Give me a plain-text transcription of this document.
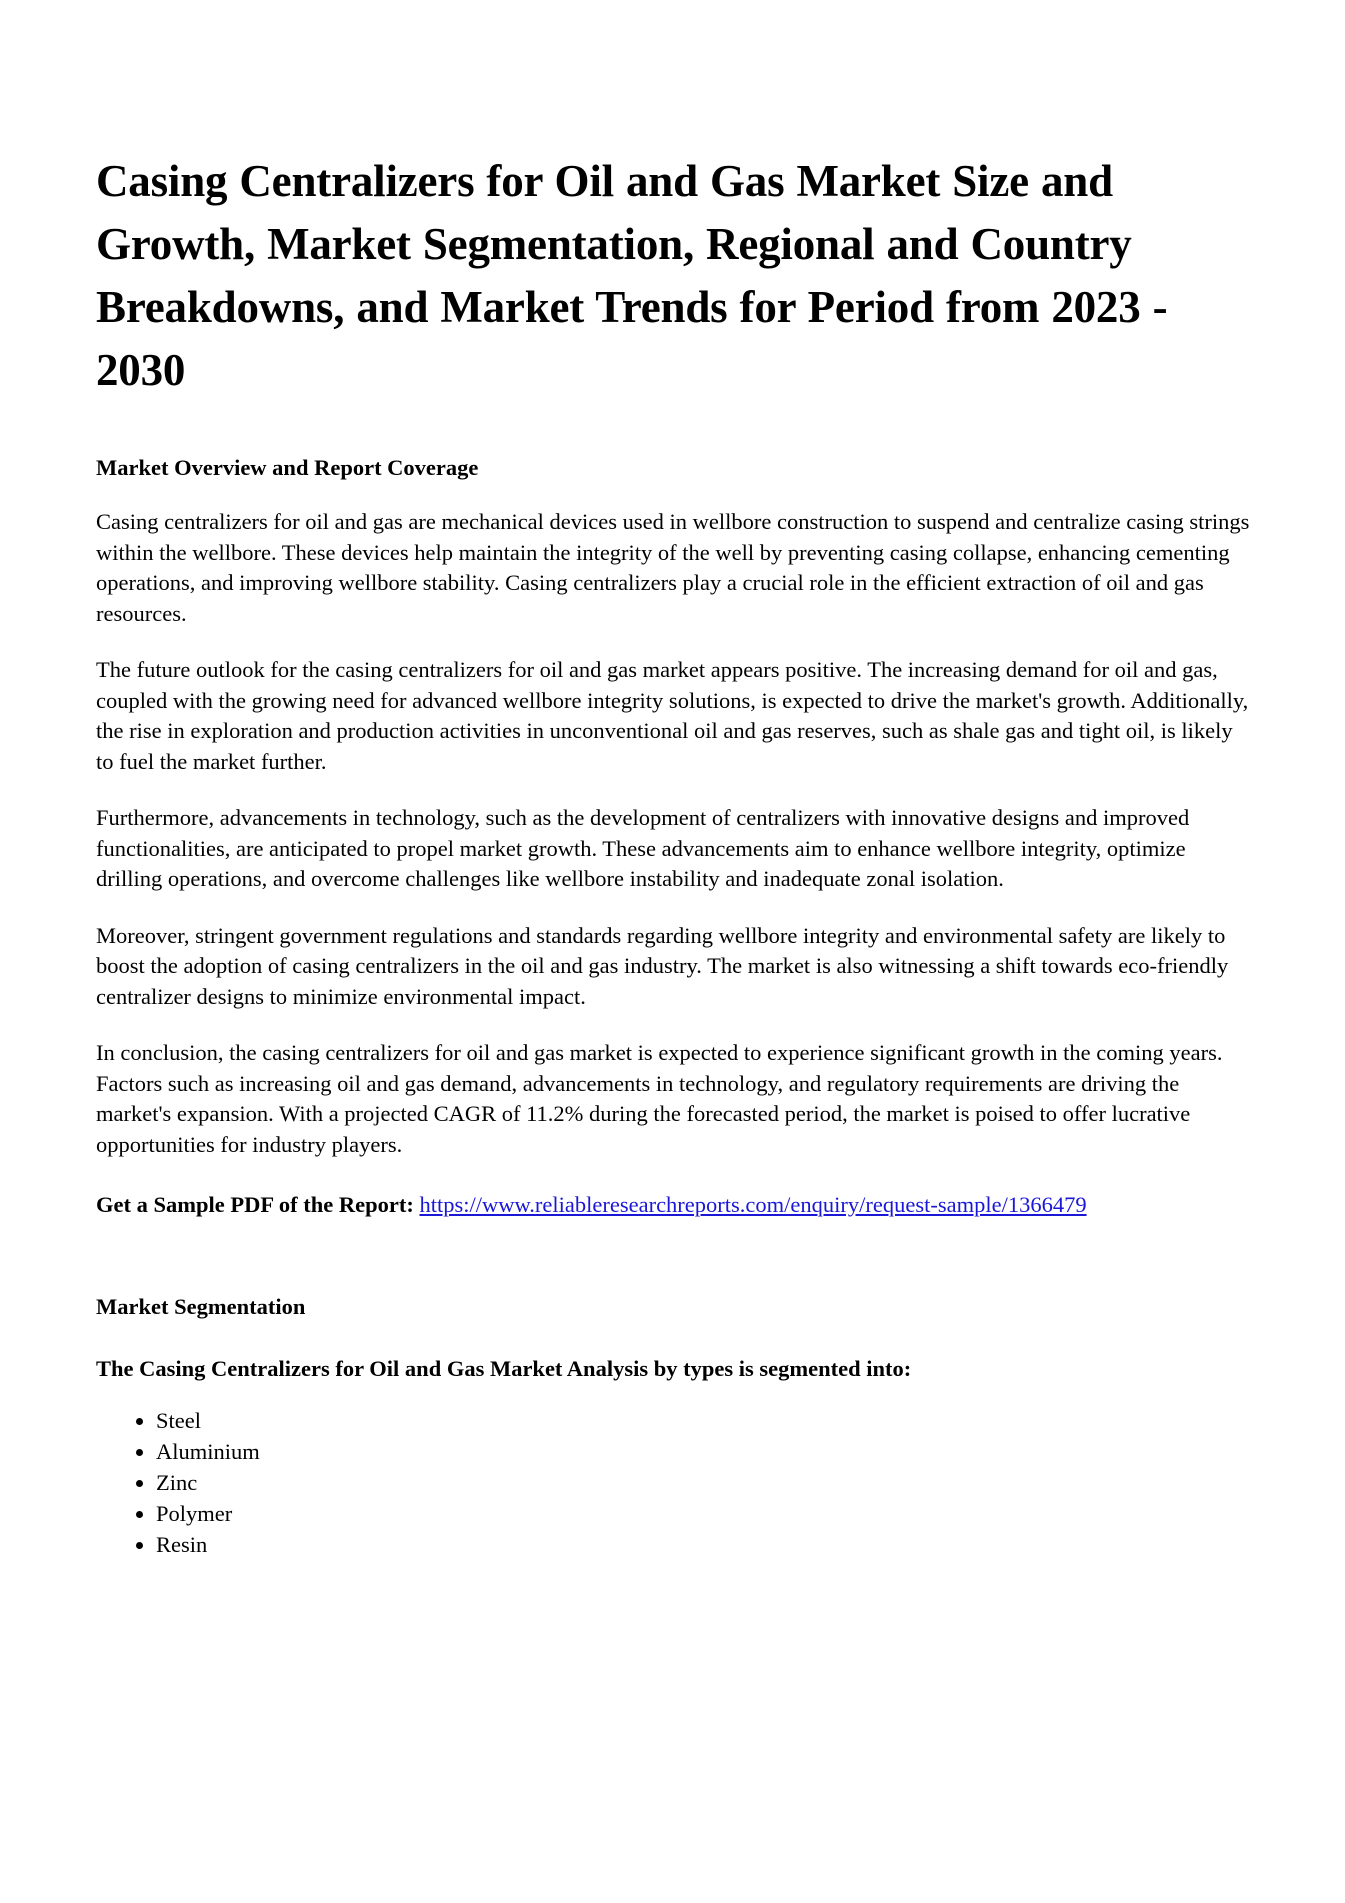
Casing Centralizers for Oil and Gas Market Size and Growth, Market Segmentation, Regional and Country Breakdowns, and Market Trends for Period from 2023 - 2030
Market Overview and Report Coverage

Casing centralizers for oil and gas are mechanical devices used in wellbore construction to suspend and centralize casing strings within the wellbore. These devices help maintain the integrity of the well by preventing casing collapse, enhancing cementing operations, and improving wellbore stability. Casing centralizers play a crucial role in the efficient extraction of oil and gas resources.

The future outlook for the casing centralizers for oil and gas market appears positive. The increasing demand for oil and gas, coupled with the growing need for advanced wellbore integrity solutions, is expected to drive the market's growth. Additionally, the rise in exploration and production activities in unconventional oil and gas reserves, such as shale gas and tight oil, is likely to fuel the market further.

Furthermore, advancements in technology, such as the development of centralizers with innovative designs and improved functionalities, are anticipated to propel market growth. These advancements aim to enhance wellbore integrity, optimize drilling operations, and overcome challenges like wellbore instability and inadequate zonal isolation.

Moreover, stringent government regulations and standards regarding wellbore integrity and environmental safety are likely to boost the adoption of casing centralizers in the oil and gas industry. The market is also witnessing a shift towards eco-friendly centralizer designs to minimize environmental impact.

In conclusion, the casing centralizers for oil and gas market is expected to experience significant growth in the coming years. Factors such as increasing oil and gas demand, advancements in technology, and regulatory requirements are driving the market's expansion. With a projected CAGR of 11.2% during the forecasted period, the market is poised to offer lucrative opportunities for industry players.

Get a Sample PDF of the Report: https://www.reliableresearchreports.com/enquiry/request-sample/1366479

Market Segmentation
The Casing Centralizers for Oil and Gas Market Analysis by types is segmented into:
• Steel
• Aluminium
• Zinc
• Polymer
• Resin
